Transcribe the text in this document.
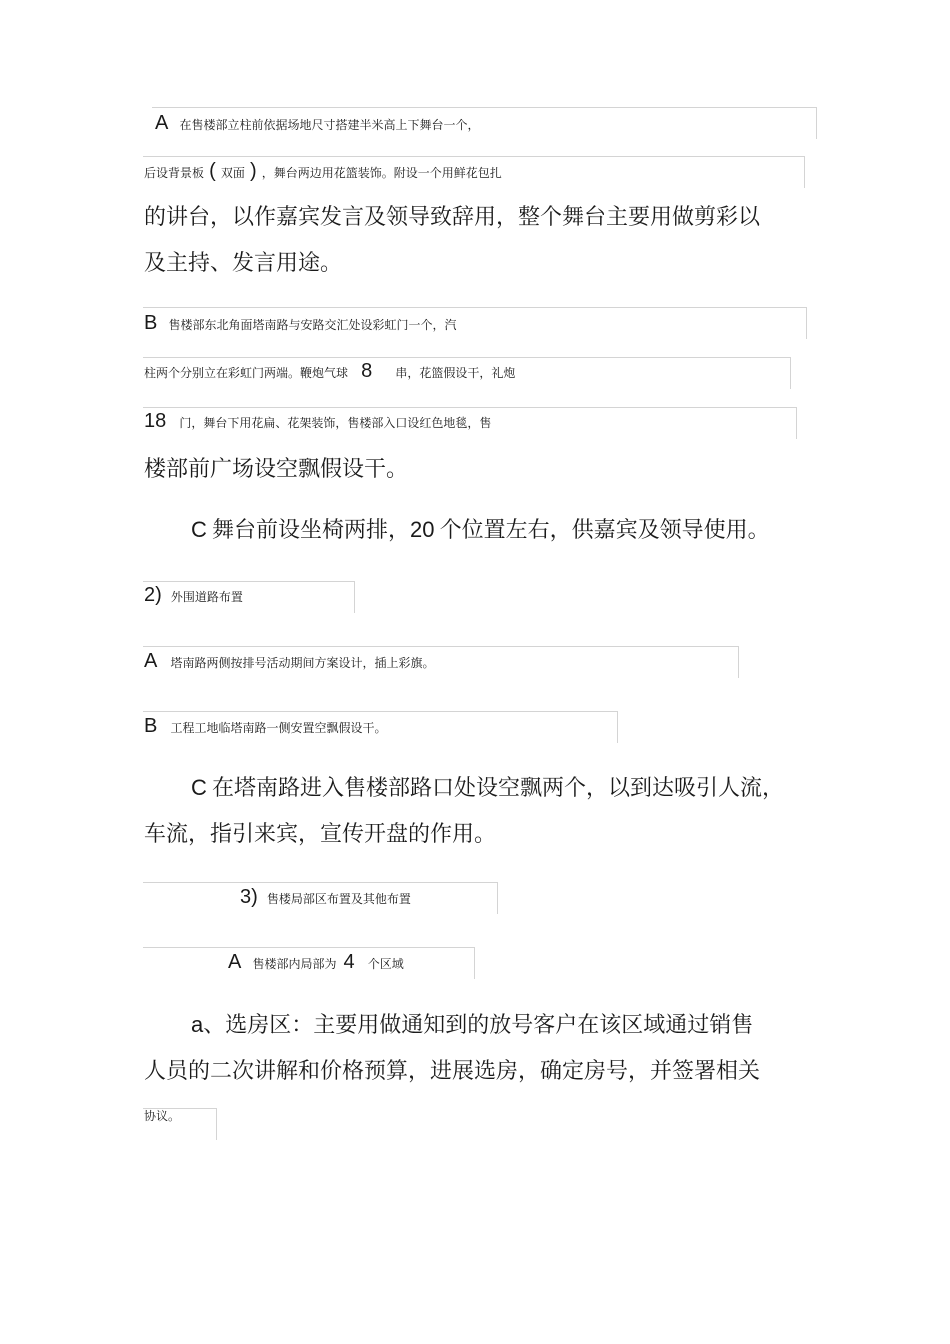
A 在售楼部立柱前依据场地尺寸搭建半米高上下舞台一个，
后设背景板 ( 双面 ) ，舞台两边用花篮装饰。附设一个用鲜花包扎
的讲台，以作嘉宾发言及领导致辞用，整个舞台主要用做剪彩以
及主持、发言用途。
B 售楼部东北角面塔南路与安路交汇处设彩虹门一个，汽
柱两个分别立在彩虹门两端。鞭炮气球 8 串，花篮假设干，礼炮
18 门，舞台下用花扁、花架装饰，售楼部入口设红色地毯，售
楼部前广场设空飘假设干。
C 舞台前设坐椅两排，20 个位置左右，供嘉宾及领导使用。
2) 外围道路布置
A 塔南路两侧按排号活动期间方案设计，插上彩旗。
B 工程工地临塔南路一侧安置空飘假设干。
C 在塔南路进入售楼部路口处设空飘两个，以到达吸引人流，
车流，指引来宾，宣传开盘的作用。
3) 售楼局部区布置及其他布置
A 售楼部内局部为 4 个区域
a、选房区：主要用做通知到的放号客户在该区域通过销售
人员的二次讲解和价格预算，进展选房，确定房号，并签署相关
协议。
